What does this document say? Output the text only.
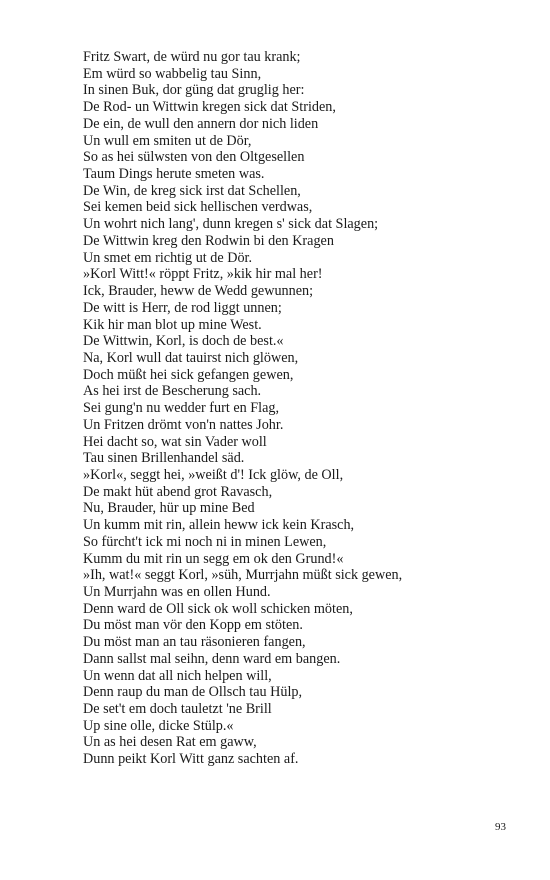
Fritz Swart, de würd nu gor tau krank;
Em würd so wabbelig tau Sinn,
In sinen Buk, dor güng dat gruglig her:
De Rod- un Wittwin kregen sick dat Striden,
De ein, de wull den annern dor nich liden
Un wull em smiten ut de Dör,
So as hei sülwsten von den Oltgesellen
Taum Dings herute smeten was.
De Win, de kreg sick irst dat Schellen,
Sei kemen beid sick hellischen verdwas,
Un wohrt nich lang', dunn kregen s' sick dat Slagen;
De Wittwin kreg den Rodwin bi den Kragen
Un smet em richtig ut de Dör.
»Korl Witt!« röppt Fritz, »kik hir mal her!
Ick, Brauder, heww de Wedd gewunnen;
De witt is Herr, de rod liggt unnen;
Kik hir man blot up mine West.
De Wittwin, Korl, is doch de best.«
Na, Korl wull dat tauirst nich glöwen,
Doch müßt hei sick gefangen gewen,
As hei irst de Bescherung sach.
Sei gung'n nu wedder furt en Flag,
Un Fritzen drömt von'n nattes Johr.
Hei dacht so, wat sin Vader woll
Tau sinen Brillenhandel säd.
»Korl«, seggt hei, »weißt d'! Ick glöw, de Oll,
De makt hüt abend grot Ravasch,
Nu, Brauder, hür up mine Bed
Un kumm mit rin, allein heww ick kein Krasch,
So fürcht't ick mi noch ni in minen Lewen,
Kumm du mit rin un segg em ok den Grund!«
»Ih, wat!« seggt Korl, »süh, Murrjahn müßt sick gewen,
Un Murrjahn was en ollen Hund.
Denn ward de Oll sick ok woll schicken möten,
Du möst man vör den Kopp em stöten.
Du möst man an tau räsonieren fangen,
Dann sallst mal seihn, denn ward em bangen.
Un wenn dat all nich helpen will,
Denn raup du man de Ollsch tau Hülp,
De set't em doch tauletzt 'ne Brill
Up sine olle, dicke Stülp.«
Un as hei desen Rat em gaww,
Dunn peikt Korl Witt ganz sachten af.
93
